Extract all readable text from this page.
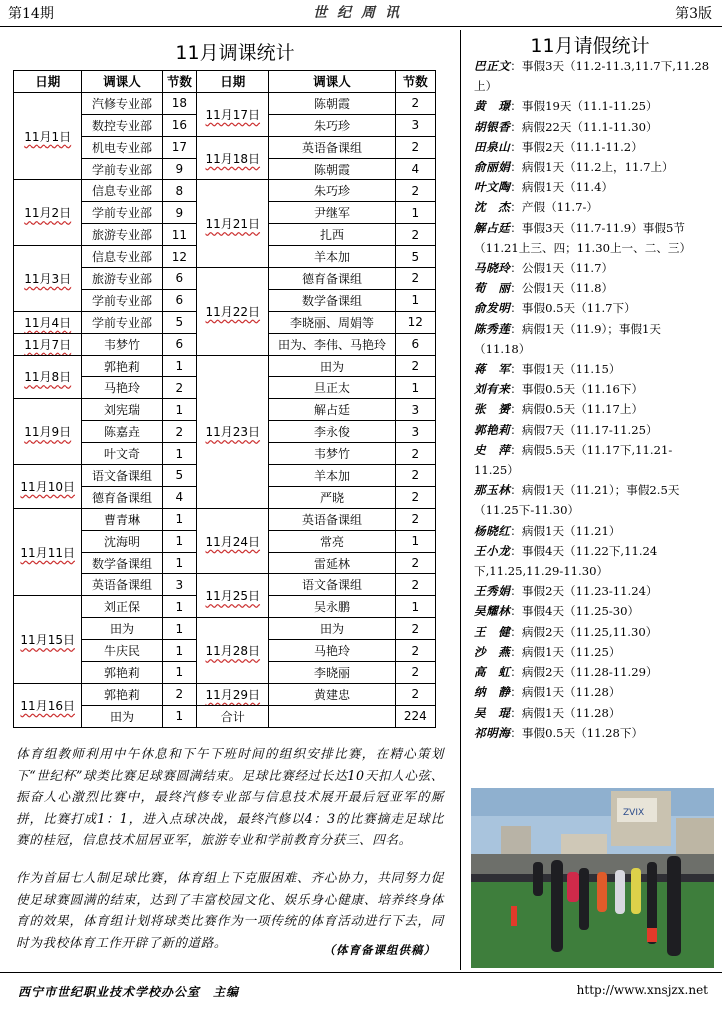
第14期	世纪周讯	第3版
11月调课统计
日期	调课人	节数	日期	调课人	节数
11月1日	汽修专业部	18	11月17日	陈朝霞	2
	数控专业部	16		朱巧珍	3
	机电专业部	17	11月18日	英语备课组	2
	学前专业部	9		陈朝霞	4
11月2日	信息专业部	8	11月21日	朱巧珍	2
	学前专业部	9		尹继军	1
	旅游专业部	11		扎西	2
11月3日	信息专业部	12		羊本加	5
	旅游专业部	6	11月22日	德育备课组	2
	学前专业部	6		数学备课组	1
11月4日	学前专业部	5		李晓丽、周娟等	12
11月7日	韦梦竹	6		田为、李伟、马艳玲	6
11月8日	郭艳莉	1	11月23日	田为	2
	马艳玲	2		旦正太	1
11月9日	刘宪瑞	1		解占廷	3
	陈嘉垚	2		李永俊	3
	叶文奇	1		韦梦竹	2
11月10日	语文备课组	5		羊本加	2
	德育备课组	4		严晓	2
11月11日	曹青琳	1	11月24日	英语备课组	2
	沈海明	1		常亮	1
	数学备课组	1		雷延林	2
	英语备课组	3	11月25日	语文备课组	2
11月15日	刘正保	1		吴永鹏	1
	田为	1	11月28日	田为	2
	牛庆民	1		马艳玲	2
	郭艳莉	1		李晓丽	2
11月16日	郭艳莉	2	11月29日	黄建忠	2
	田为	1	合计		224

体育组教师利用中午休息和下午下班时间的组织安排比赛，在精心策划下“世纪杯”球类比赛足球赛圆满结束。足球比赛经过长达10天扣人心弦、振奋人心激烈比赛中，最终汽修专业部与信息技术展开最后冠亚军的厮拼，比赛打成1：1，进入点球决战，最终汽修以4：3的比赛摘走足球比赛的桂冠，信息技术屈居亚军，旅游专业和学前教育分获三、四名。

作为首届七人制足球比赛，体育组上下克服困难、齐心协力，共同努力促使足球赛圆满的结束，达到了丰富校园文化、娱乐身心健康、培养终身体育的效果，体育组计划将球类比赛作为一项传统的体育活动进行下去，同时为我校体育工作开辟了新的道路。

（体育备课组供稿）
11月请假统计
巴正文：事假3天（11.2-11.3,11.7下,11.28上）
黄　璟：事假19天（11.1-11.25）
胡银香：病假22天（11.1-11.30）
田泉山：事假2天（11.1-11.2）
俞丽娟：病假1天（11.2上，11.7上）
叶文陶：病假1天（11.4）
沈　杰：产假（11.7-）
解占廷：事假3天（11.7-11.9）事假5节（11.21上三、四；11.30上一、二、三）
马晓玲：公假1天（11.7）
荀　丽：公假1天（11.8）
俞发明：事假0.5天（11.7下）
陈秀莲：病假1天（11.9）；事假1天（11.18）
蒋　军：事假1天（11.15）
刘有来：事假0.5天（11.16下）
张　赟：病假0.5天（11.17上）
郭艳莉：病假7天（11.17-11.25）
史　萍：病假5.5天（11.17下,11.21-11.25）
那玉林：病假1天（11.21）；事假2.5天（11.25下-11.30）
杨晓红：病假1天（11.21）
王小龙：事假4天（11.22下,11.24下,11.25,11.29-11.30）
王秀娟：事假2天（11.23-11.24）
吴耀林：事假4天（11.25-30）
王　健：病假2天（11.25,11.30）
沙　燕：病假1天（11.25）
高　虹：病假2天（11.28-11.29）
纳　静：病假1天（11.28）
吴　琨：病假1天（11.28）
祁明海：事假0.5天（11.28下）
ZVIX
西宁市世纪职业技术学校办公室　主编	http://www.xnsjzx.net
